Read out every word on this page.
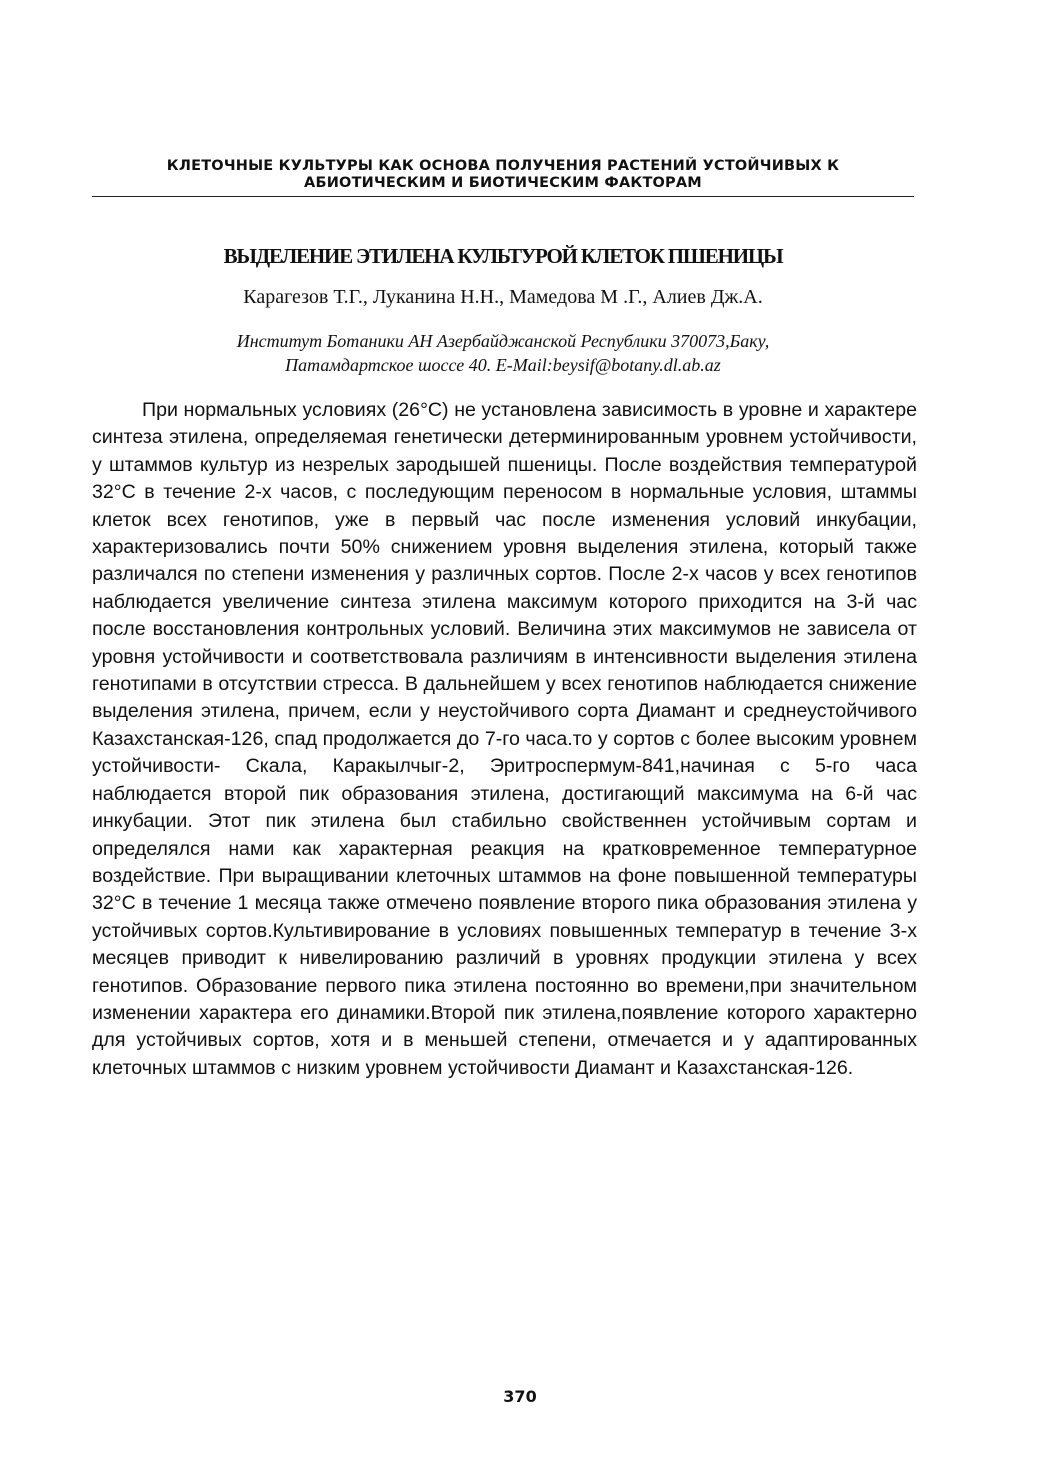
КЛЕТОЧНЫЕ КУЛЬТУРЫ КАК ОСНОВА ПОЛУЧЕНИЯ РАСТЕНИЙ УСТОЙЧИВЫХ К
АБИОТИЧЕСКИМ И БИОТИЧЕСКИМ ФАКТОРАМ
ВЫДЕЛЕНИЕ ЭТИЛЕНА КУЛЬТУРОЙ КЛЕТОК ПШЕНИЦЫ
Карагезов Т.Г., Луканина Н.Н., Мамедова М .Г., Алиев Дж.А.
Институт Ботаники АН Азербайджанской Республики 370073,Баку,
Патамдартское шоссе 40. E-Mail:beysif@botany.dl.ab.az

При нормальных условиях (26°С) не установлена зависимость в уровне и характере синтеза этилена, определяемая генетически детерминированным уровнем устойчивости, у штаммов культур из незрелых зародышей пшеницы. После воздействия температурой 32°С в течение 2-х часов, с последующим переносом в нормальные условия, штаммы клеток всех генотипов, уже в первый час после изменения условий инкубации, характеризовались почти 50% снижением уровня выделения этилена, который также различался по степени изменения у различных сортов. После 2-х часов у всех генотипов наблюдается увеличение синтеза этилена максимум которого приходится на 3-й час после восстановления контрольных условий. Величина этих максимумов не зависела от уровня устойчивости и соответствовала различиям в интенсивности выделения этилена генотипами в отсутствии стресса. В дальнейшем у всех генотипов наблюдается снижение выделения этилена, причем, если у неустойчивого сорта Диамант и среднеустойчивого Казахстанская-126, спад продолжается до 7-го часа.то у сортов с более высоким уровнем устойчивости- Скала, Каракылчыг-2, Эритроспермум-841,начиная с 5-го часа наблюдается второй пик образования этилена, достигающий максимума на 6-й час инкубации. Этот пик этилена был стабильно свойственнен устойчивым сортам и определялся нами как характерная реакция на кратковременное температурное воздействие. При выращивании клеточных штаммов на фоне повышенной температуры 32°С в течение 1 месяца также отмечено появление второго пика образования этилена у устойчивых сортов.Культивирование в условиях повышенных температур в течение 3-х месяцев приводит к нивелированию различий в уровнях продукции этилена у всех генотипов. Образование первого пика этилена постоянно во времени,при значительном изменении характера его динамики.Второй пик этилена,появление которого характерно для устойчивых сортов, хотя и в меньшей степени, отмечается и у адаптированных клеточных штаммов с низким уровнем устойчивости Диамант и Казахстанская-126.

370
